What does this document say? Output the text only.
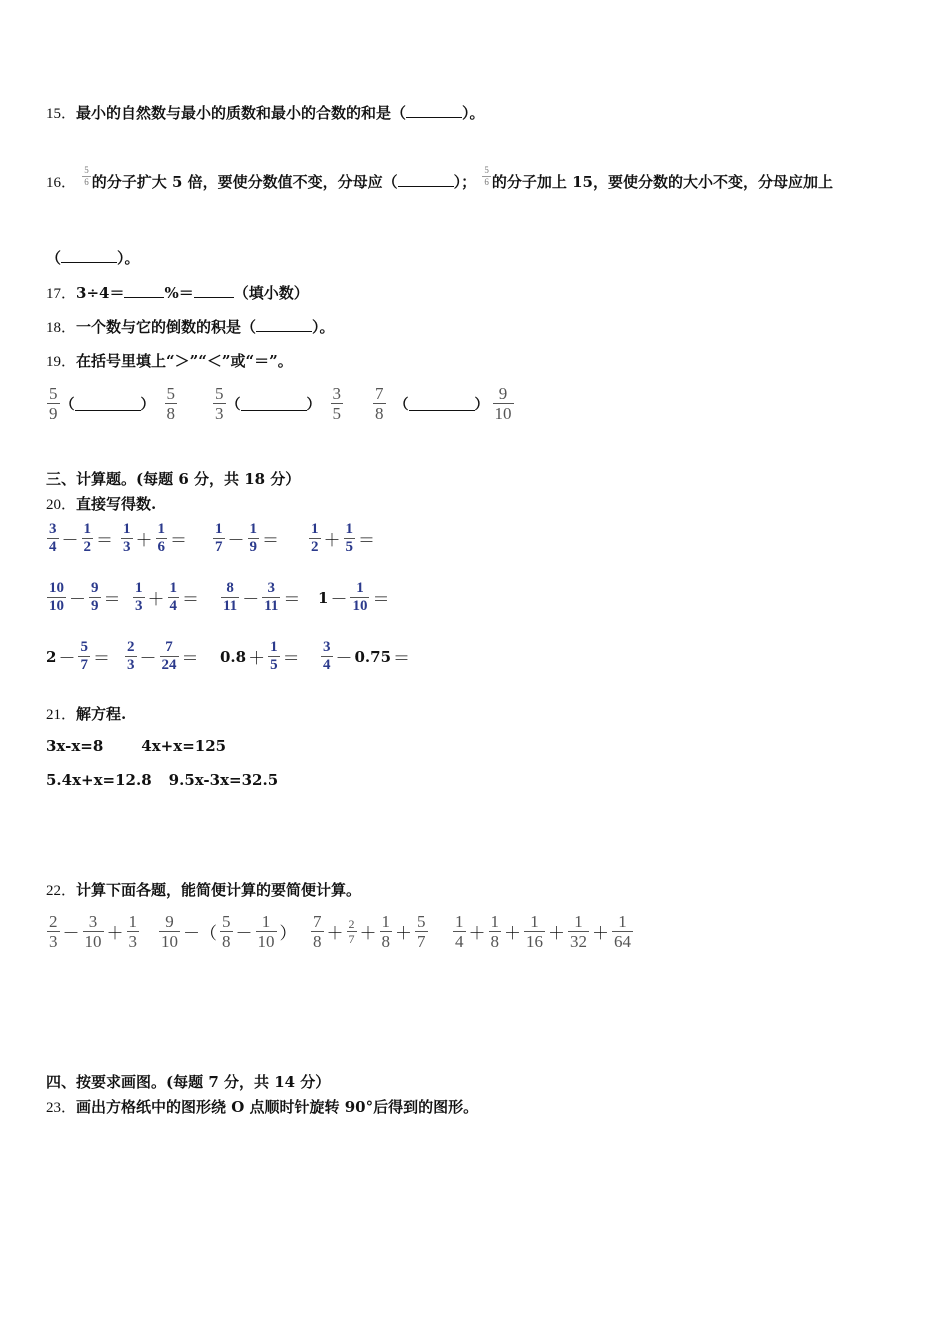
15．最小的自然数与最小的质数和最小的合数的和是（	）。
16． $\frac{5}{6}$ 的分子扩大 5 倍，要使分数值不变，分母应（	）； $\frac{5}{6}$ 的分子加上 15，要使分数的大小不变，分母应加上
（	）。
17．3÷4＝	%＝	（填小数）
18．一个数与它的倒数的积是（	）。
19．在括号里填上“＞”“＜”或“＝”。
$\frac{5}{9}$ （	） $\frac{5}{8} \frac{5}{3}$ （	） $\frac{3}{5} \frac{7}{8}$ （	） $\frac{9}{10}$
三、计算题。(每题 6 分，共 18 分）
20．直接写得数.
$\frac{3}{4} - \frac{1}{2} = \frac{1}{3} + \frac{1}{6} = \frac{1}{7} - \frac{1}{9} = \frac{1}{2} + \frac{1}{5}$ ＝
$\frac{10}{10} - \frac{9}{9} = \frac{1}{3} + \frac{1}{4} = \frac{8}{11} - \frac{3}{11} = 1 - \frac{1}{10}$ ＝
$2 - \frac{5}{7} = \frac{2}{3} - \frac{7}{24} = 0.8 + \frac{1}{5} = \frac{3}{4} - 0.75$ ＝
21．解方程.
3x-x=8	4x+x=125
5.4x+x=12.8 9.5x-3x=32.5
22．计算下面各题，能简便计算的要简便计算。
$\frac{2}{3} - \frac{3}{10} + \frac{1}{3} \frac{9}{10}$ －（ $\frac{5}{8} - \frac{1}{10}$ ） $\frac{7}{8} + \frac{2}{7} + \frac{1}{8} + \frac{5}{7} \frac{1}{4} + \frac{1}{8} + \frac{1}{16} + \frac{1}{32} + \frac{1}{64}$
四、按要求画图。(每题 7 分，共 14 分）
23．画出方格纸中的图形绕 O 点顺时针旋转 90°后得到的图形。
